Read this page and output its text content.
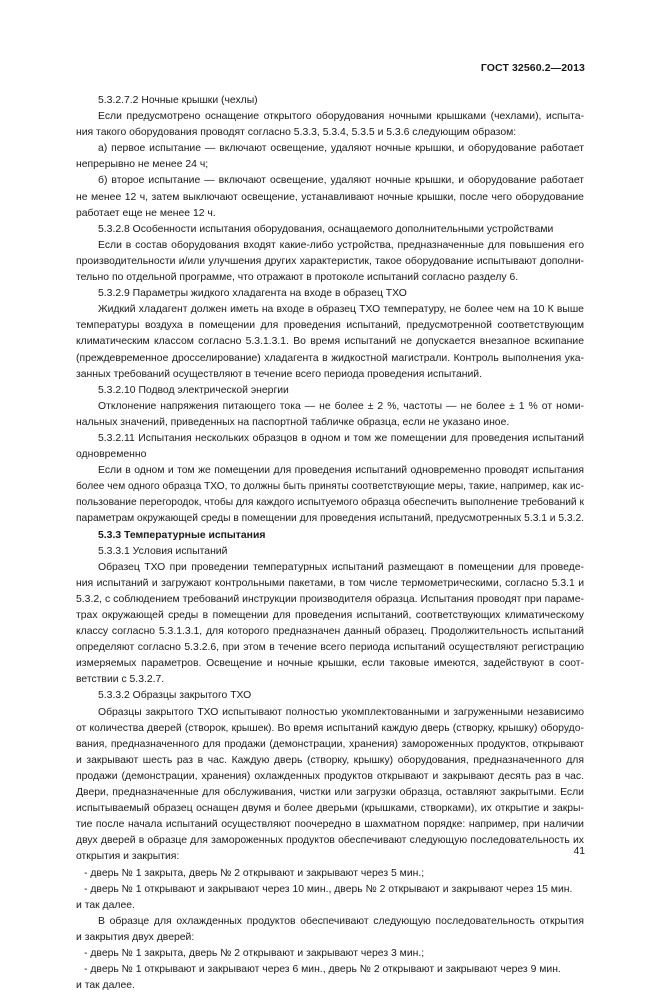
ГОСТ 32560.2—2013
5.3.2.7.2 Ночные крышки (чехлы)
Если предусмотрено оснащение открытого оборудования ночными крышками (чехлами), испыта-
ния такого оборудования проводят согласно 5.3.3, 5.3.4, 5.3.5 и 5.3.6 следующим образом:
а) первое испытание — включают освещение, удаляют ночные крышки, и оборудование работает
непрерывно не менее 24 ч;
б) второе испытание — включают освещение, удаляют ночные крышки, и оборудование работает
не менее 12 ч, затем выключают освещение, устанавливают ночные крышки, после чего оборудование
работает еще не менее 12 ч.
5.3.2.8 Особенности испытания оборудования, оснащаемого дополнительными устройствами
Если в состав оборудования входят какие-либо устройства, предназначенные для повышения его
производительности и/или улучшения других характеристик, такое оборудование испытывают дополни-
тельно по отдельной программе, что отражают в протоколе испытаний согласно разделу 6.
5.3.2.9 Параметры жидкого хладагента на входе в образец ТХО
Жидкий хладагент должен иметь на входе в образец ТХО температуру, не более чем на 10 К выше
температуры воздуха в помещении для проведения испытаний, предусмотренной соответствующим
климатическим классом согласно 5.3.1.3.1. Во время испытаний не допускается внезапное вскипание
(преждевременное дросселирование) хладагента в жидкостной магистрали. Контроль выполнения ука-
занных требований осуществляют в течение всего периода проведения испытаний.
5.3.2.10 Подвод электрической энергии
Отклонение напряжения питающего тока — не более ± 2 %, частоты — не более ± 1 % от номи-
нальных значений, приведенных на паспортной табличке образца, если не указано иное.
5.3.2.11 Испытания нескольких образцов в одном и том же помещении для проведения испытаний
одновременно
Если в одном и том же помещении для проведения испытаний одновременно проводят испытания
более чем одного образца ТХО, то должны быть приняты соответствующие меры, такие, например, как ис-
пользование перегородок, чтобы для каждого испытуемого образца обеспечить выполнение требований к
параметрам окружающей среды в помещении для проведения испытаний, предусмотренных 5.3.1 и 5.3.2.
5.3.3 Температурные испытания
5.3.3.1 Условия испытаний
Образец ТХО при проведении температурных испытаний размещают в помещении для проведе-
ния испытаний и загружают контрольными пакетами, в том числе термометрическими, согласно 5.3.1 и
5.3.2, с соблюдением требований инструкции производителя образца. Испытания проводят при параме-
трах окружающей среды в помещении для проведения испытаний, соответствующих климатическому
классу согласно 5.3.1.3.1, для которого предназначен данный образец. Продолжительность испытаний
определяют согласно 5.3.2.6, при этом в течение всего периода испытаний осуществляют регистрацию
измеряемых параметров. Освещение и ночные крышки, если таковые имеются, задействуют в соот-
ветствии с 5.3.2.7.
5.3.3.2 Образцы закрытого ТХО
Образцы закрытого ТХО испытывают полностью укомплектованными и загруженными независимо
от количества дверей (створок, крышек). Во время испытаний каждую дверь (створку, крышку) оборудо-
вания, предназначенного для продажи (демонстрации, хранения) замороженных продуктов, открывают
и закрывают шесть раз в час. Каждую дверь (створку, крышку) оборудования, предназначенного для
продажи (демонстрации, хранения) охлажденных продуктов открывают и закрывают десять раз в час.
Двери, предназначенные для обслуживания, чистки или загрузки образца, оставляют закрытыми. Если
испытываемый образец оснащен двумя и более дверьми (крышками, створками), их открытие и закры-
тие после начала испытаний осуществляют поочередно в шахматном порядке: например, при наличии
двух дверей в образце для замороженных продуктов обеспечивают следующую последовательность их
открытия и закрытия:
- дверь № 1 закрыта, дверь № 2 открывают и закрывают через 5 мин.;
- дверь № 1 открывают и закрывают через 10 мин., дверь № 2 открывают и закрывают через 15 мин.
и так далее.
В образце для охлажденных продуктов обеспечивают следующую последовательность открытия
и закрытия двух дверей:
- дверь № 1 закрыта, дверь № 2 открывают и закрывают через 3 мин.;
- дверь № 1 открывают и закрывают через 6 мин., дверь № 2 открывают и закрывают через 9 мин.
и так далее.
41
